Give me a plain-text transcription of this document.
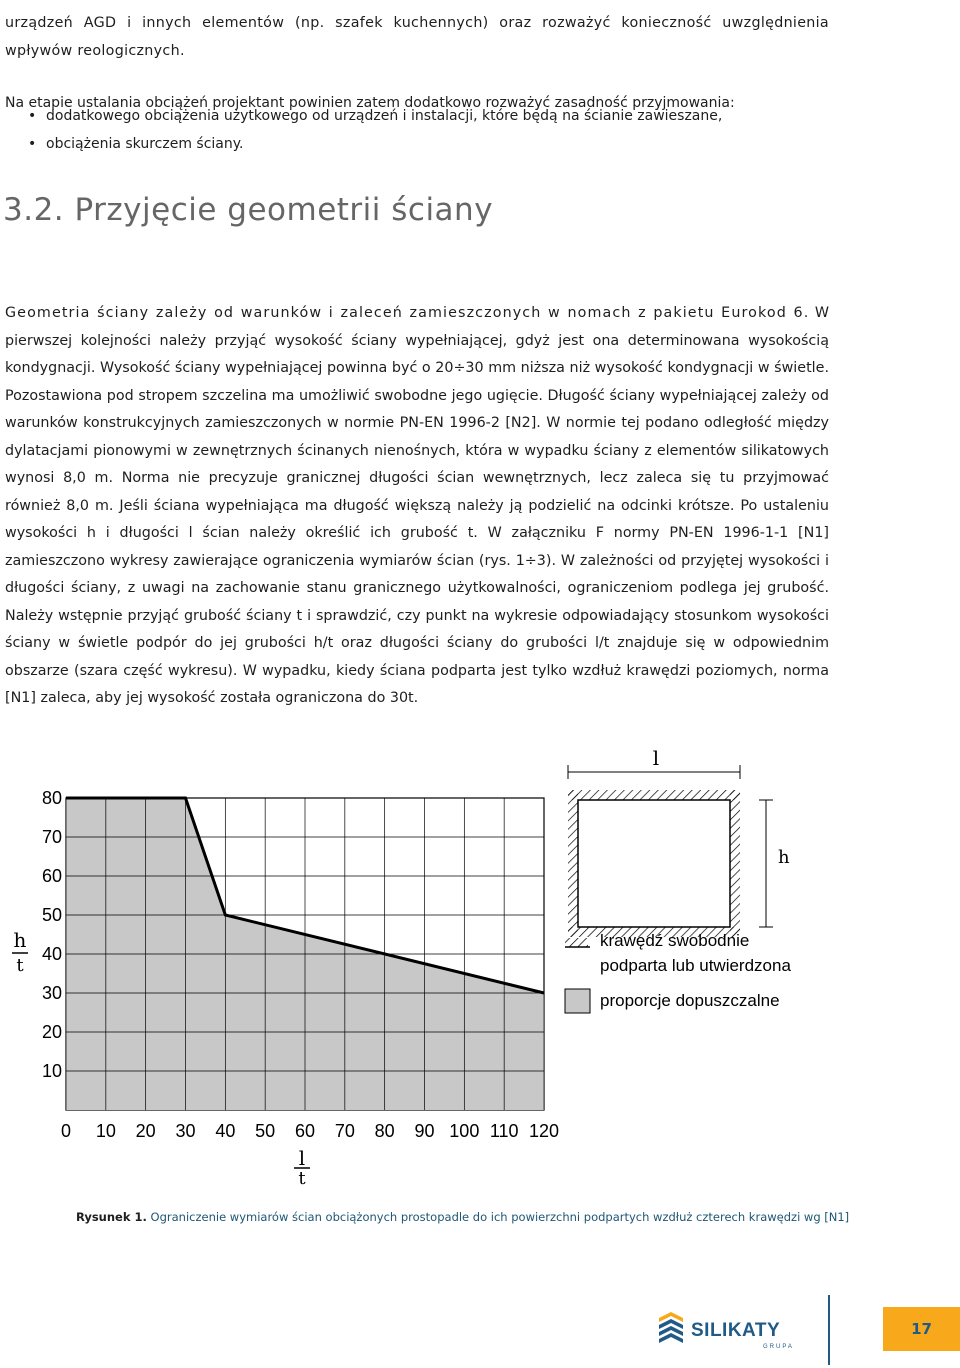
urządzeń AGD i innych elementów (np. szafek kuchennych) oraz rozważyć konieczność uwzględnienia wpływów reologicznych.

Na etapie ustalania obciążeń projektant powinien zatem dodatkowo rozważyć zasadność przyjmowania:

• dodatkowego obciążenia użytkowego od urządzeń i instalacji, które będą na ścianie zawieszane,
• obciążenia skurczem ściany.
3.2. Przyjęcie geometrii ściany
Geometria ściany zależy od warunków i zaleceń zamieszczonych w nomach z pakietu Eurokod 6. W pierwszej kolejności należy przyjąć wysokość ściany wypełniającej, gdyż jest ona determinowana wysokością kondygnacji. Wysokość ściany wypełniającej powinna być o 20÷30 mm niższa niż wysokość kondygnacji w świetle. Pozostawiona pod stropem szczelina ma umożliwić swobodne jego ugięcie. Długość ściany wypełniającej zależy od warunków konstrukcyjnych zamieszczonych w normie PN-EN 1996-2 [N2]. W normie tej podano odległość między dylatacjami pionowymi w zewnętrznych ścinanych nienośnych, która w wypadku ściany z elementów silikatowych wynosi 8,0 m. Norma nie precyzuje granicznej długości ścian wewnętrznych, lecz zaleca się tu przyjmować również 8,0 m. Jeśli ściana wypełniająca ma długość większą należy ją podzielić na odcinki krótsze. Po ustaleniu wysokości h i długości l ścian należy określić ich grubość t. W załączniku F normy PN-EN 1996-1-1 [N1] zamieszczono wykresy zawierające ograniczenia wymiarów ścian (rys. 1÷3). W zależności od przyjętej wysokości i długości ściany, z uwagi na zachowanie stanu granicznego użytkowalności, ograniczeniom podlega jej grubość. Należy wstępnie przyjąć grubość ściany t i sprawdzić, czy punkt na wykresie odpowiadający stosunkom wysokości ściany w świetle podpór do jej grubości h/t oraz długości ściany do grubości l/t znajduje się w odpowiednim obszarze (szara część wykresu). W wypadku, kiedy ściana podparta jest tylko wzdłuż krawędzi poziomych, norma [N1] zaleca, aby jej wysokość została ograniczona do 30t.
80
70
60
50
40
30
20
10
0 10 20 30 40 50 60 70 80 90 100 110 120
h
t
l
t
l
h
krawędź swobodnie
podparta lub utwierdzona
proporcje dopuszczalne
Rysunek 1. Ograniczenie wymiarów ścian obciążonych prostopadle do ich powierzchni podpartych wzdłuż czterech krawędzi wg [N1]
SILIKATY
GRUPA
17
